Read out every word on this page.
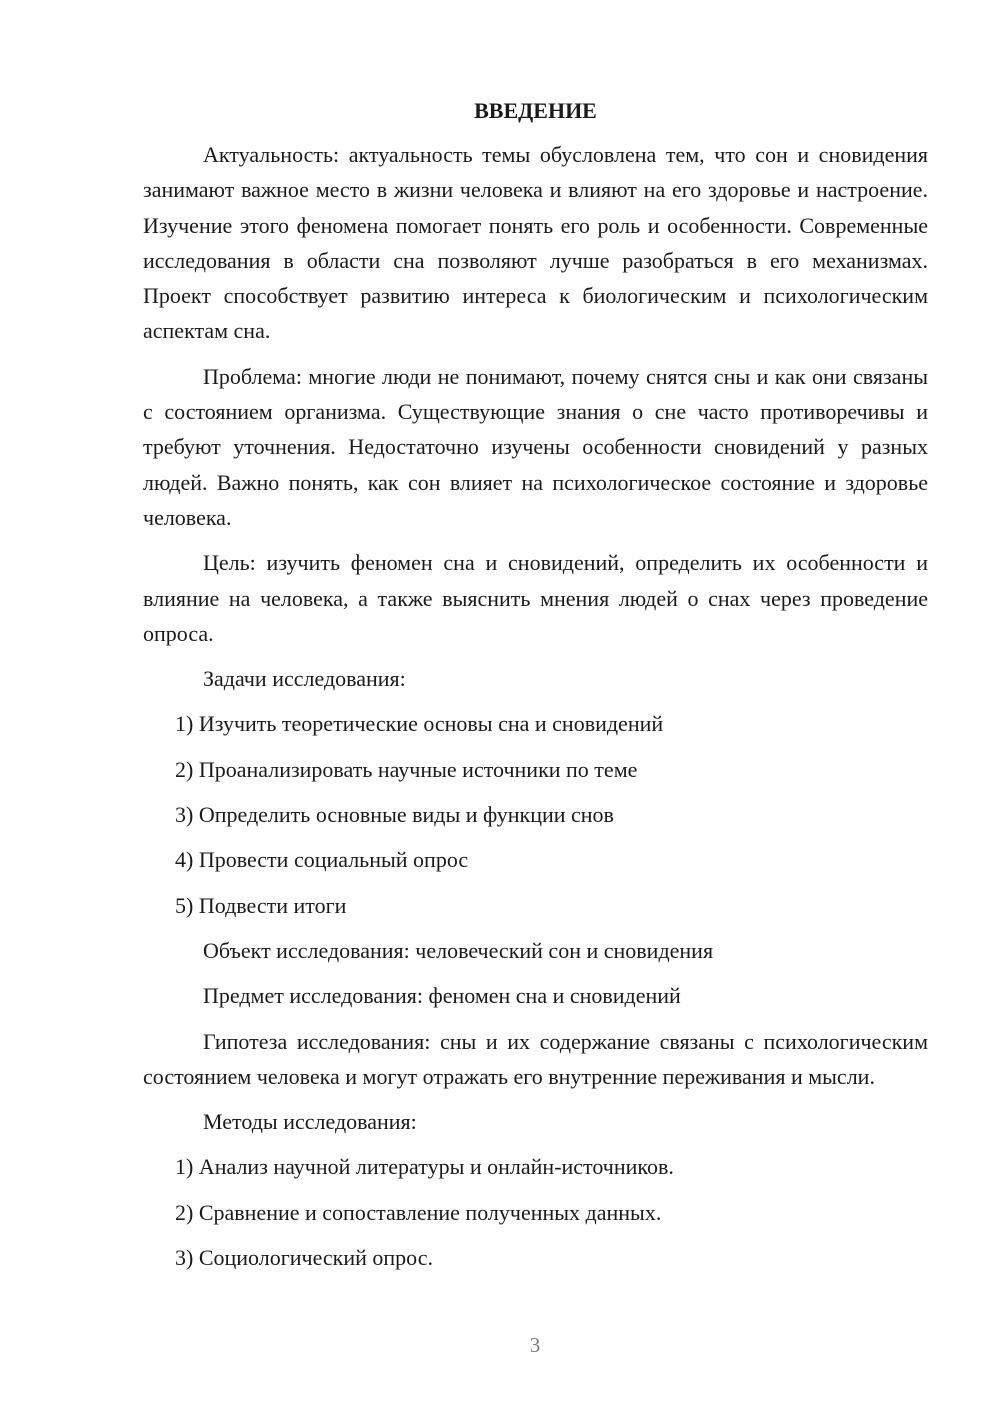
ВВЕДЕНИЕ

Актуальность: актуальность темы обусловлена тем, что сон и сновидения занимают важное место в жизни человека и влияют на его здоровье и настроение. Изучение этого феномена помогает понять его роль и особенности. Современные исследования в области сна позволяют лучше разобраться в его механизмах. Проект способствует развитию интереса к биологическим и психологическим аспектам сна.

Проблема: многие люди не понимают, почему снятся сны и как они связаны с состоянием организма. Существующие знания о сне часто противоречивы и требуют уточнения. Недостаточно изучены особенности сновидений у разных людей. Важно понять, как сон влияет на психологическое состояние и здоровье человека.

Цель: изучить феномен сна и сновидений, определить их особенности и влияние на человека, а также выяснить мнения людей о снах через проведение опроса.

Задачи исследования:

1) Изучить теоретические основы сна и сновидений

2) Проанализировать научные источники по теме

3) Определить основные виды и функции снов

4) Провести социальный опрос

5) Подвести итоги

Объект исследования: человеческий сон и сновидения

Предмет исследования: феномен сна и сновидений

Гипотеза исследования: сны и их содержание связаны с психологическим состоянием человека и могут отражать его внутренние переживания и мысли.

Методы исследования:

1) Анализ научной литературы и онлайн-источников.

2) Сравнение и сопоставление полученных данных.

3) Социологический опрос.

3
